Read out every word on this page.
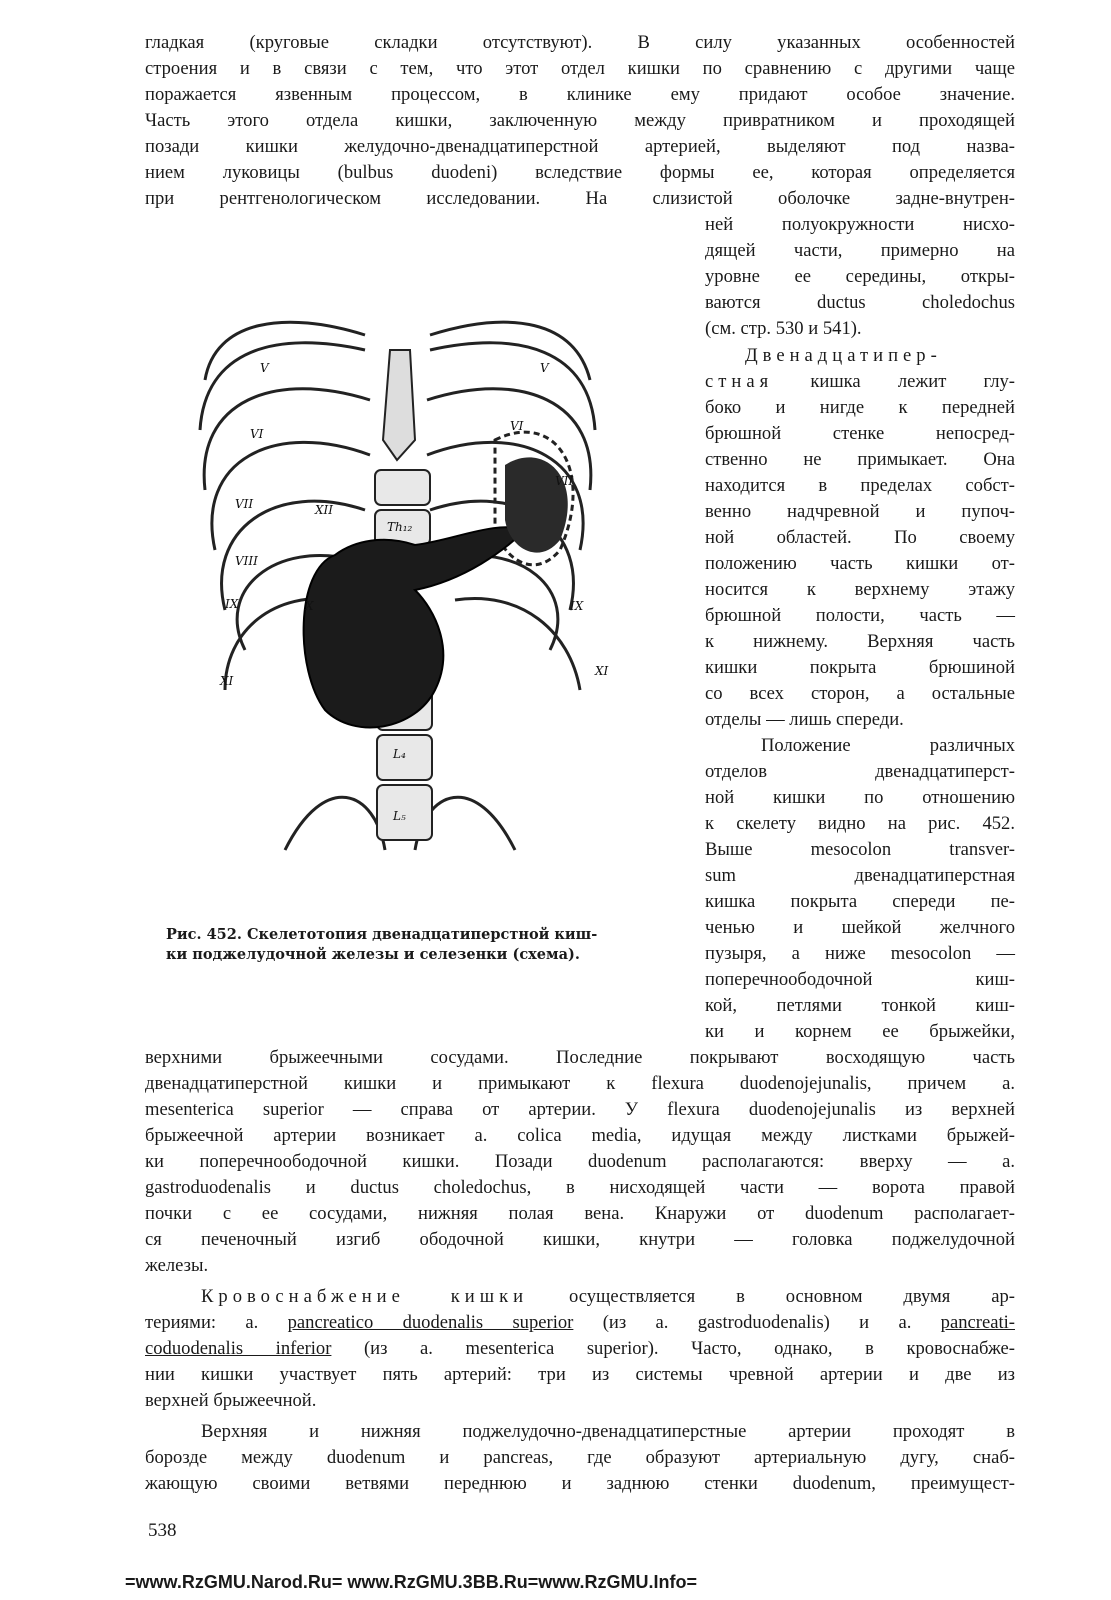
гладкая (круговые складки отсутствуют). В силу указанных особенностей
строения и в связи с тем, что этот отдел кишки по сравнению с другими чаще
поражается язвенным процессом, в клинике ему придают особое значение.
Часть этого отдела кишки, заключенную между привратником и проходящей
позади кишки желудочно-двенадцатиперстной артерией, выделяют под назва-
нием луковицы (bulbus duodeni) вследствие формы ее, которая определяется
при рентгенологическом исследовании. На слизистой оболочке задне-внутрен-
ней полуокружности нисхо-
дящей части, примерно на
уровне ее середины, откры-
ваются ductus choledochus
(см. стр. 530 и 541).
Двенадцатипер-
стная кишка лежит глу-
боко и нигде к передней
брюшной стенке непосред-
ственно не примыкает. Она
находится в пределах собст-
венно надчревной и пупоч-
ной областей. По своему
положению часть кишки от-
носится к верхнему этажу
брюшной полости, часть —
к нижнему. Верхняя часть
кишки покрыта брюшиной
со всех сторон, а остальные
отделы — лишь спереди.
Положение различных
отделов двенадцатиперст-
ной кишки по отношению
к скелету видно на рис. 452.
Выше mesocolon transver-
sum двенадцатиперстная
кишка покрыта спереди пе-
ченью и шейкой желчного
пузыря, а ниже mesocolon —
поперечноободочной киш-
кой, петлями тонкой киш-
ки и корнем ее брыжейки,
верхними брыжеечными сосудами. Последние покрывают восходящую часть
двенадцатиперстной кишки и примыкают к flexura duodenojejunalis, причем a.
mesenterica superior — справа от артерии. У flexura duodenojejunalis из верхней
брыжеечной артерии возникает a. colica media, идущая между листками брыжей-
ки поперечноободочной кишки. Позади duodenum располагаются: вверху — a.
gastroduodenalis и ductus choledochus, в нисходящей части — ворота правой
почки с ее сосудами, нижняя полая вена. Кнаружи от duodenum располагает-
ся печеночный изгиб ободочной кишки, кнутри — головка поджелудочной
железы.
Кровоснабжение кишки осуществляется в основном двумя ар-
териями: a. pancreatico duodenalis superior (из a. gastroduodenalis) и a. pancreati-
coduodenalis inferior (из a. mesenterica superior). Часто, однако, в кровоснабже-
нии кишки участвует пять артерий: три из системы чревной артерии и две из
верхней брыжеечной.
Верхняя и нижняя поджелудочно-двенадцатиперстные артерии проходят в
борозде между duodenum и pancreas, где образуют артериальную дугу, снаб-
жающую своими ветвями переднюю и заднюю стенки duodenum, преимущест-
V
VI
VII	XII
VIII
IX	X
XI
V
VI
VII
IX
XI
Th₁₂
L₄
L₅
Рис. 452. Скелетотопия двенадцатиперстной киш-
ки поджелудочной железы и селезенки (схема).
538
=www.RzGMU.Narod.Ru= www.RzGMU.3BB.Ru=www.RzGMU.Info=
